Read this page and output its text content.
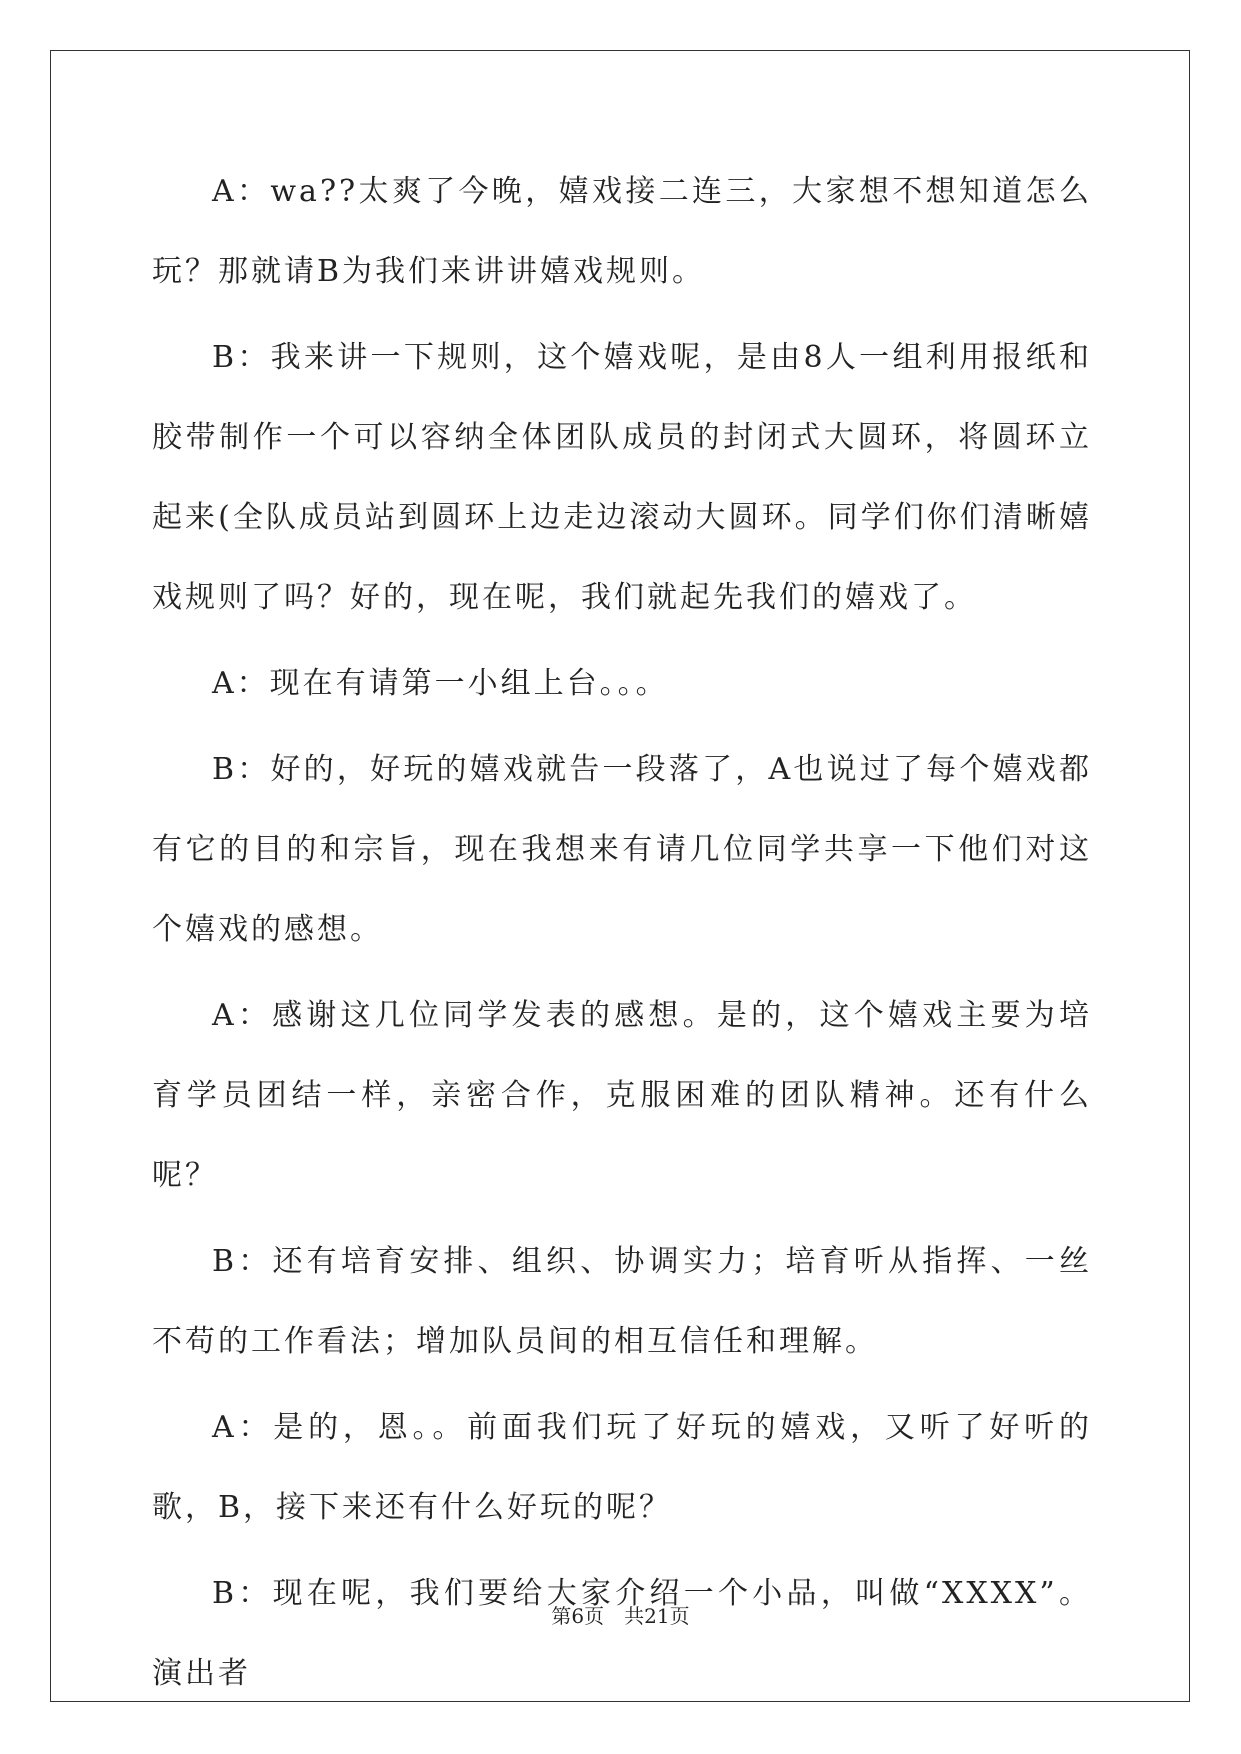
A：wa??太爽了今晚，嬉戏接二连三，大家想不想知道怎么玩？那就请B为我们来讲讲嬉戏规则。

B：我来讲一下规则，这个嬉戏呢，是由8人一组利用报纸和胶带制作一个可以容纳全体团队成员的封闭式大圆环，将圆环立起来(全队成员站到圆环上边走边滚动大圆环。同学们你们清晰嬉戏规则了吗？好的，现在呢，我们就起先我们的嬉戏了。

A：现在有请第一小组上台。。。

B：好的，好玩的嬉戏就告一段落了，A也说过了每个嬉戏都有它的目的和宗旨，现在我想来有请几位同学共享一下他们对这个嬉戏的感想。

A：感谢这几位同学发表的感想。是的，这个嬉戏主要为培育学员团结一样，亲密合作，克服困难的团队精神。还有什么呢？

B：还有培育安排、组织、协调实力；培育听从指挥、一丝不苟的工作看法；增加队员间的相互信任和理解。

A：是的，恩。。前面我们玩了好玩的嬉戏，又听了好听的歌，B，接下来还有什么好玩的呢？

B：现在呢，我们要给大家介绍一个小品，叫做“XXXX”。演出者

第6页　共21页
